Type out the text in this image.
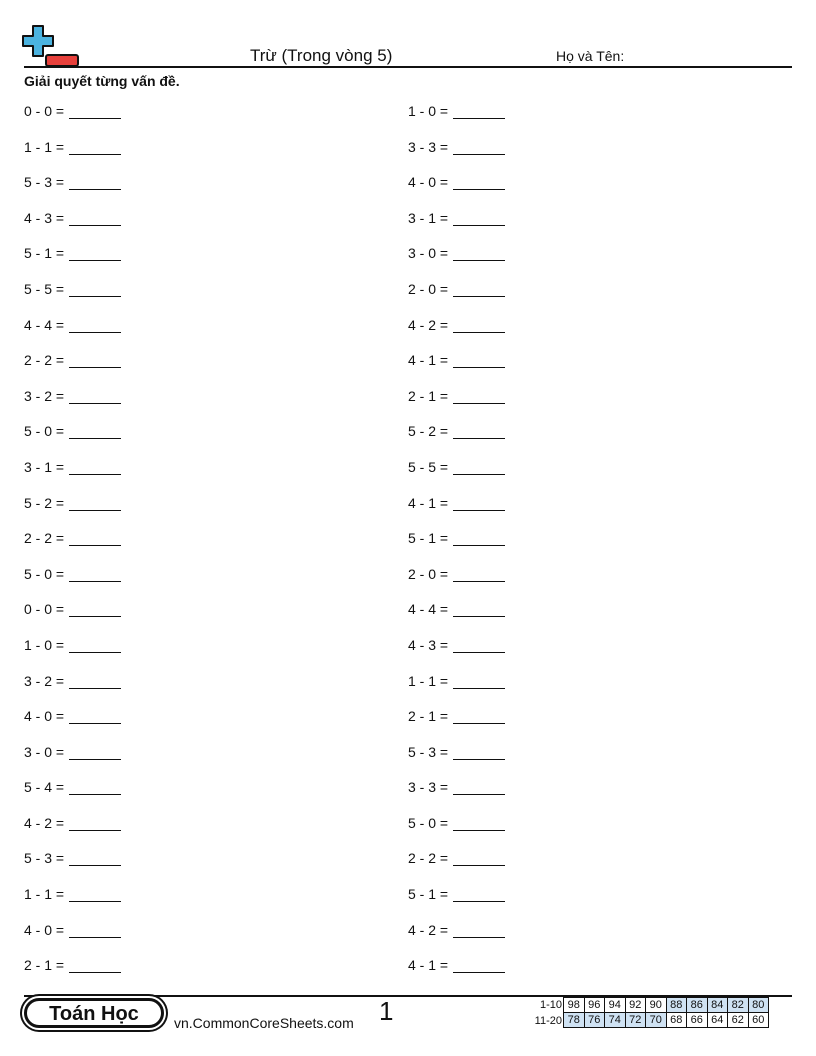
Trừ (Trong vòng 5)	Họ và Tên:
Giải quyết từng vấn đề.
0 - 0 =
1 - 1 =
5 - 3 =
4 - 3 =
5 - 1 =
5 - 5 =
4 - 4 =
2 - 2 =
3 - 2 =
5 - 0 =
3 - 1 =
5 - 2 =
2 - 2 =
5 - 0 =
0 - 0 =
1 - 0 =
3 - 2 =
4 - 0 =
3 - 0 =
5 - 4 =
4 - 2 =
5 - 3 =
1 - 1 =
4 - 0 =
2 - 1 =
1 - 0 =
3 - 3 =
4 - 0 =
3 - 1 =
3 - 0 =
2 - 0 =
4 - 2 =
4 - 1 =
2 - 1 =
5 - 2 =
5 - 5 =
4 - 1 =
5 - 1 =
2 - 0 =
4 - 4 =
4 - 3 =
1 - 1 =
2 - 1 =
5 - 3 =
3 - 3 =
5 - 0 =
2 - 2 =
5 - 1 =
4 - 2 =
4 - 1 =
Toán Học	vn.CommonCoreSheets.com 1	1-10 98 96 94 92 90 88 86 84 82 80
11-20 78 76 74 72 70 68 66 64 62 60
